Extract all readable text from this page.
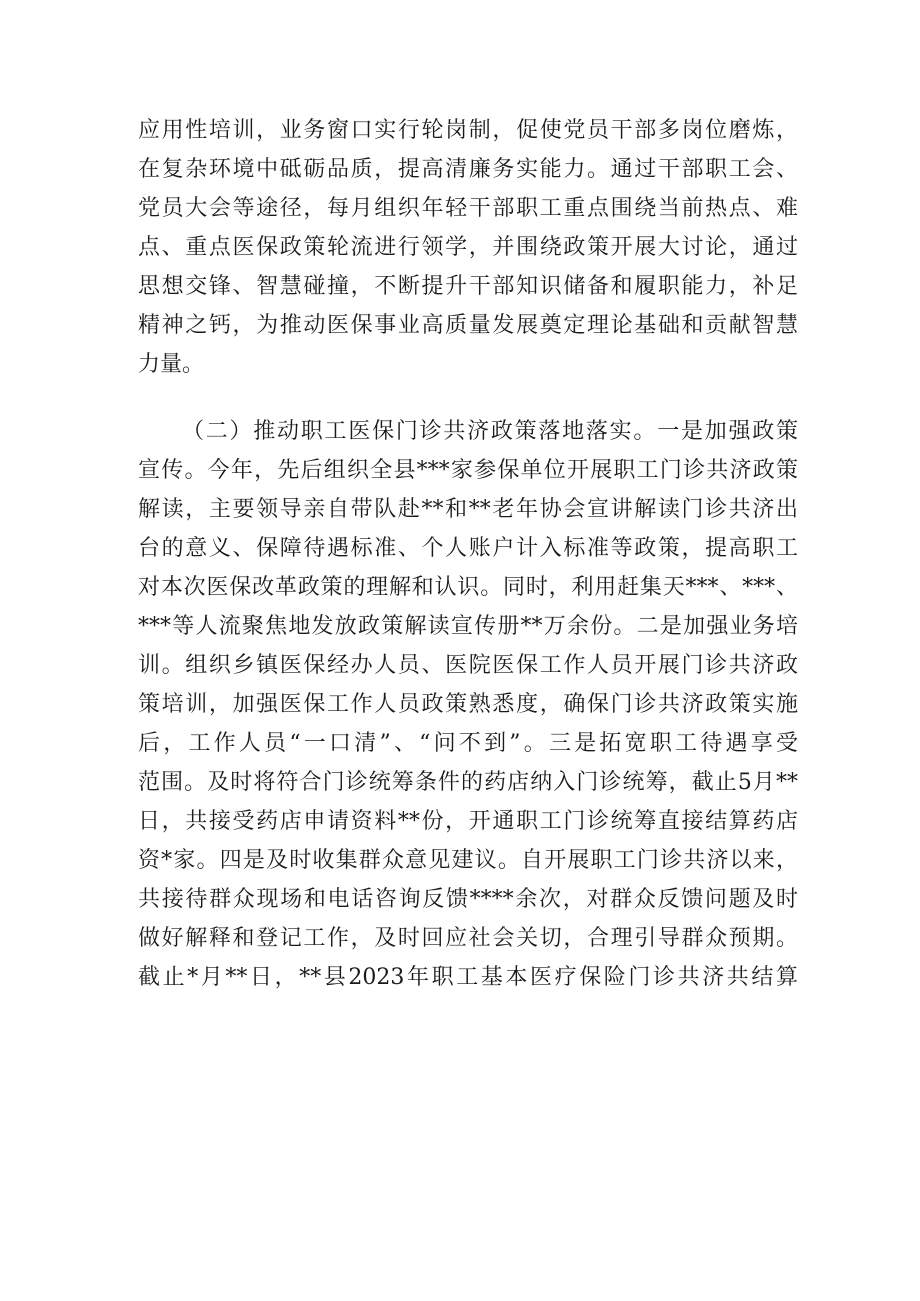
应用性培训，业务窗口实行轮岗制，促使党员干部多岗位磨炼，
在复杂环境中砥砺品质，提高清廉务实能力。通过干部职工会、
党员大会等途径，每月组织年轻干部职工重点围绕当前热点、难
点、重点医保政策轮流进行领学，并围绕政策开展大讨论，通过
思想交锋、智慧碰撞，不断提升干部知识储备和履职能力，补足
精神之钙，为推动医保事业高质量发展奠定理论基础和贡献智慧
力量。
（二）推动职工医保门诊共济政策落地落实。一是加强政策
宣传。今年，先后组织全县***家参保单位开展职工门诊共济政策
解读，主要领导亲自带队赴**和**老年协会宣讲解读门诊共济出
台的意义、保障待遇标准、个人账户计入标准等政策，提高职工
对本次医保改革政策的理解和认识。同时，利用赶集天***、***、
***等人流聚焦地发放政策解读宣传册**万余份。二是加强业务培
训。组织乡镇医保经办人员、医院医保工作人员开展门诊共济政
策培训，加强医保工作人员政策熟悉度，确保门诊共济政策实施
后，工作人员“一口清”、“问不到”。三是拓宽职工待遇享受
范围。及时将符合门诊统筹条件的药店纳入门诊统筹，截止5月**
日，共接受药店申请资料**份，开通职工门诊统筹直接结算药店
资*家。四是及时收集群众意见建议。自开展职工门诊共济以来，
共接待群众现场和电话咨询反馈****余次，对群众反馈问题及时
做好解释和登记工作，及时回应社会关切，合理引导群众预期。
截止*月**日，**县2023年职工基本医疗保险门诊共济共结算
